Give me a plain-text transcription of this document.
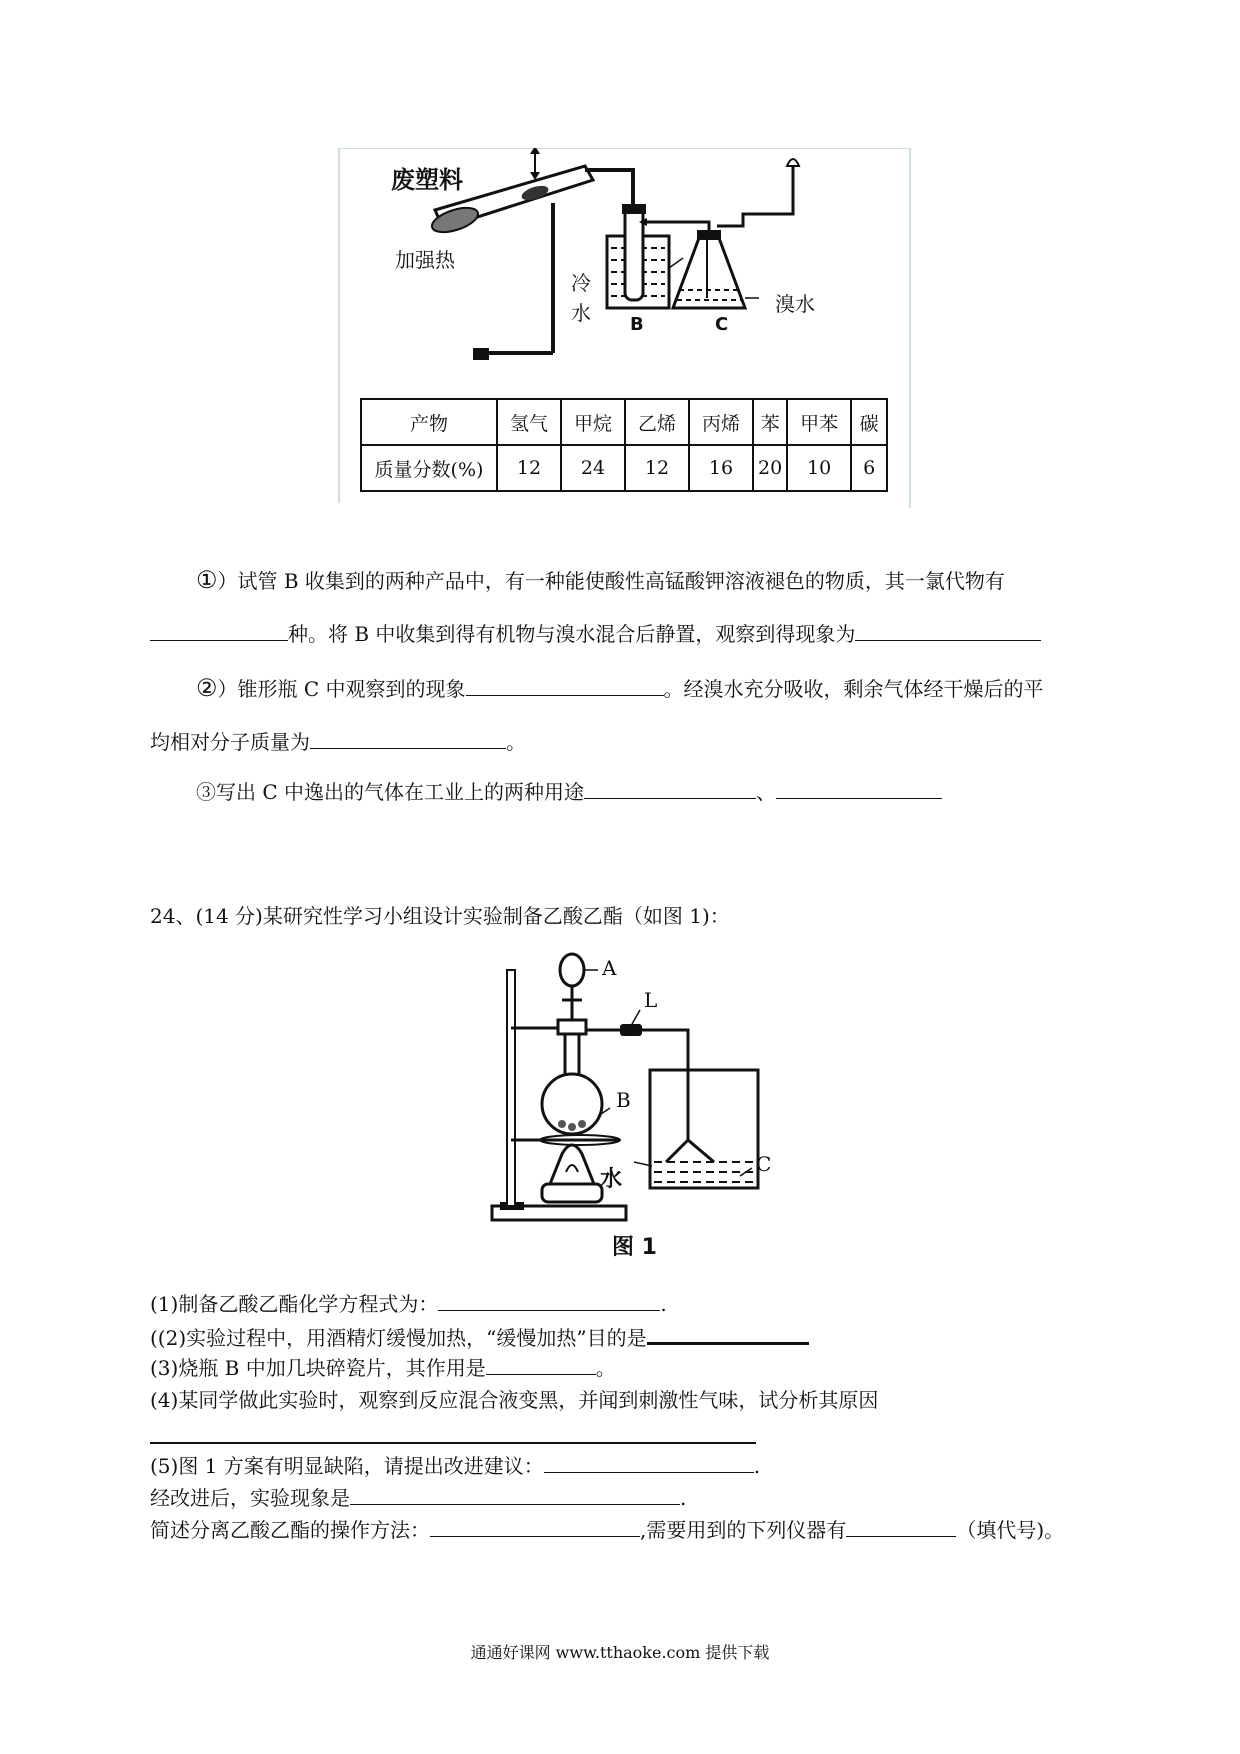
废塑料
加强热
冷水	溴水
B	C
产物	氢气	甲烷	乙烯	丙烯	苯	甲苯	碳
质量分数(%)	12	24	12	16	20	10	6
①）试管 B 收集到的两种产品中，有一种能使酸性高锰酸钾溶液褪色的物质，其一氯代物有
种。将 B 中收集到得有机物与溴水混合后静置，观察到得现象为
②）锥形瓶 C 中观察到的现象	。经溴水充分吸收，剩余气体经干燥后的平
均相对分子质量为	。
③写出 C 中逸出的气体在工业上的两种用途	、
24、(14 分)某研究性学习小组设计实验制备乙酸乙酯（如图 1)：
A
L
B
水
C
图 1
(1)制备乙酸乙酯化学方程式为：	.
((2)实验过程中，用酒精灯缓慢加热，“缓慢加热”目的是
(3)烧瓶 B 中加几块碎瓷片，其作用是	。
(4)某同学做此实验时，观察到反应混合液变黑，并闻到刺激性气味，试分析其原因
(5)图 1 方案有明显缺陷，请提出改进建议：	.
经改进后，实验现象是	.
简述分离乙酸乙酯的操作方法：	,需要用到的下列仪器有	（填代号)。
通通好课网 www.tthaoke.com 提供下载
